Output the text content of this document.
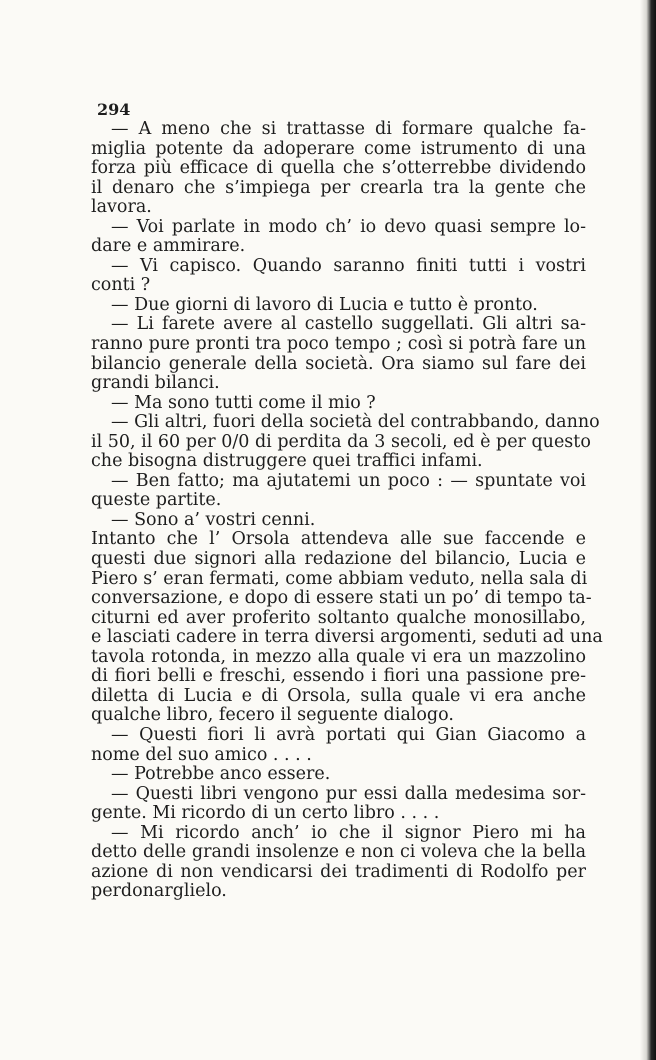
294
— A meno che si trattasse di formare qualche fa-
miglia potente da adoperare come istrumento di una
forza più efficace di quella che s’otterrebbe dividendo
il denaro che s’impiega per crearla tra la gente che
lavora.
— Voi parlate in modo ch’ io devo quasi sempre lo-
dare e ammirare.
— Vi capisco. Quando saranno finiti tutti i vostri
conti ?
— Due giorni di lavoro di Lucia e tutto è pronto.
— Li farete avere al castello suggellati. Gli altri sa-
ranno pure pronti tra poco tempo ; così si potrà fare un
bilancio generale della società. Ora siamo sul fare dei
grandi bilanci.
— Ma sono tutti come il mio ?
— Gli altri, fuori della società del contrabbando, danno
il 50, il 60 per 0/0 di perdita da 3 secoli, ed è per questo
che bisogna distruggere quei traffici infami.
— Ben fatto; ma ajutatemi un poco : — spuntate voi
queste partite.
— Sono a’ vostri cenni.
Intanto che l’ Orsola attendeva alle sue faccende e
questi due signori alla redazione del bilancio, Lucia e
Piero s’ eran fermati, come abbiam veduto, nella sala di
conversazione, e dopo di essere stati un po’ di tempo ta-
citurni ed aver proferito soltanto qualche monosillabo,
e lasciati cadere in terra diversi argomenti, seduti ad una
tavola rotonda, in mezzo alla quale vi era un mazzolino
di fiori belli e freschi, essendo i fiori una passione pre-
diletta di Lucia e di Orsola, sulla quale vi era anche
qualche libro, fecero il seguente dialogo.
— Questi fiori li avrà portati qui Gian Giacomo a
nome del suo amico . . . .
— Potrebbe anco essere.
— Questi libri vengono pur essi dalla medesima sor-
gente. Mi ricordo di un certo libro . . . .
— Mi ricordo anch’ io che il signor Piero mi ha
detto delle grandi insolenze e non ci voleva che la bella
azione di non vendicarsi dei tradimenti di Rodolfo per
perdonarglielo.
